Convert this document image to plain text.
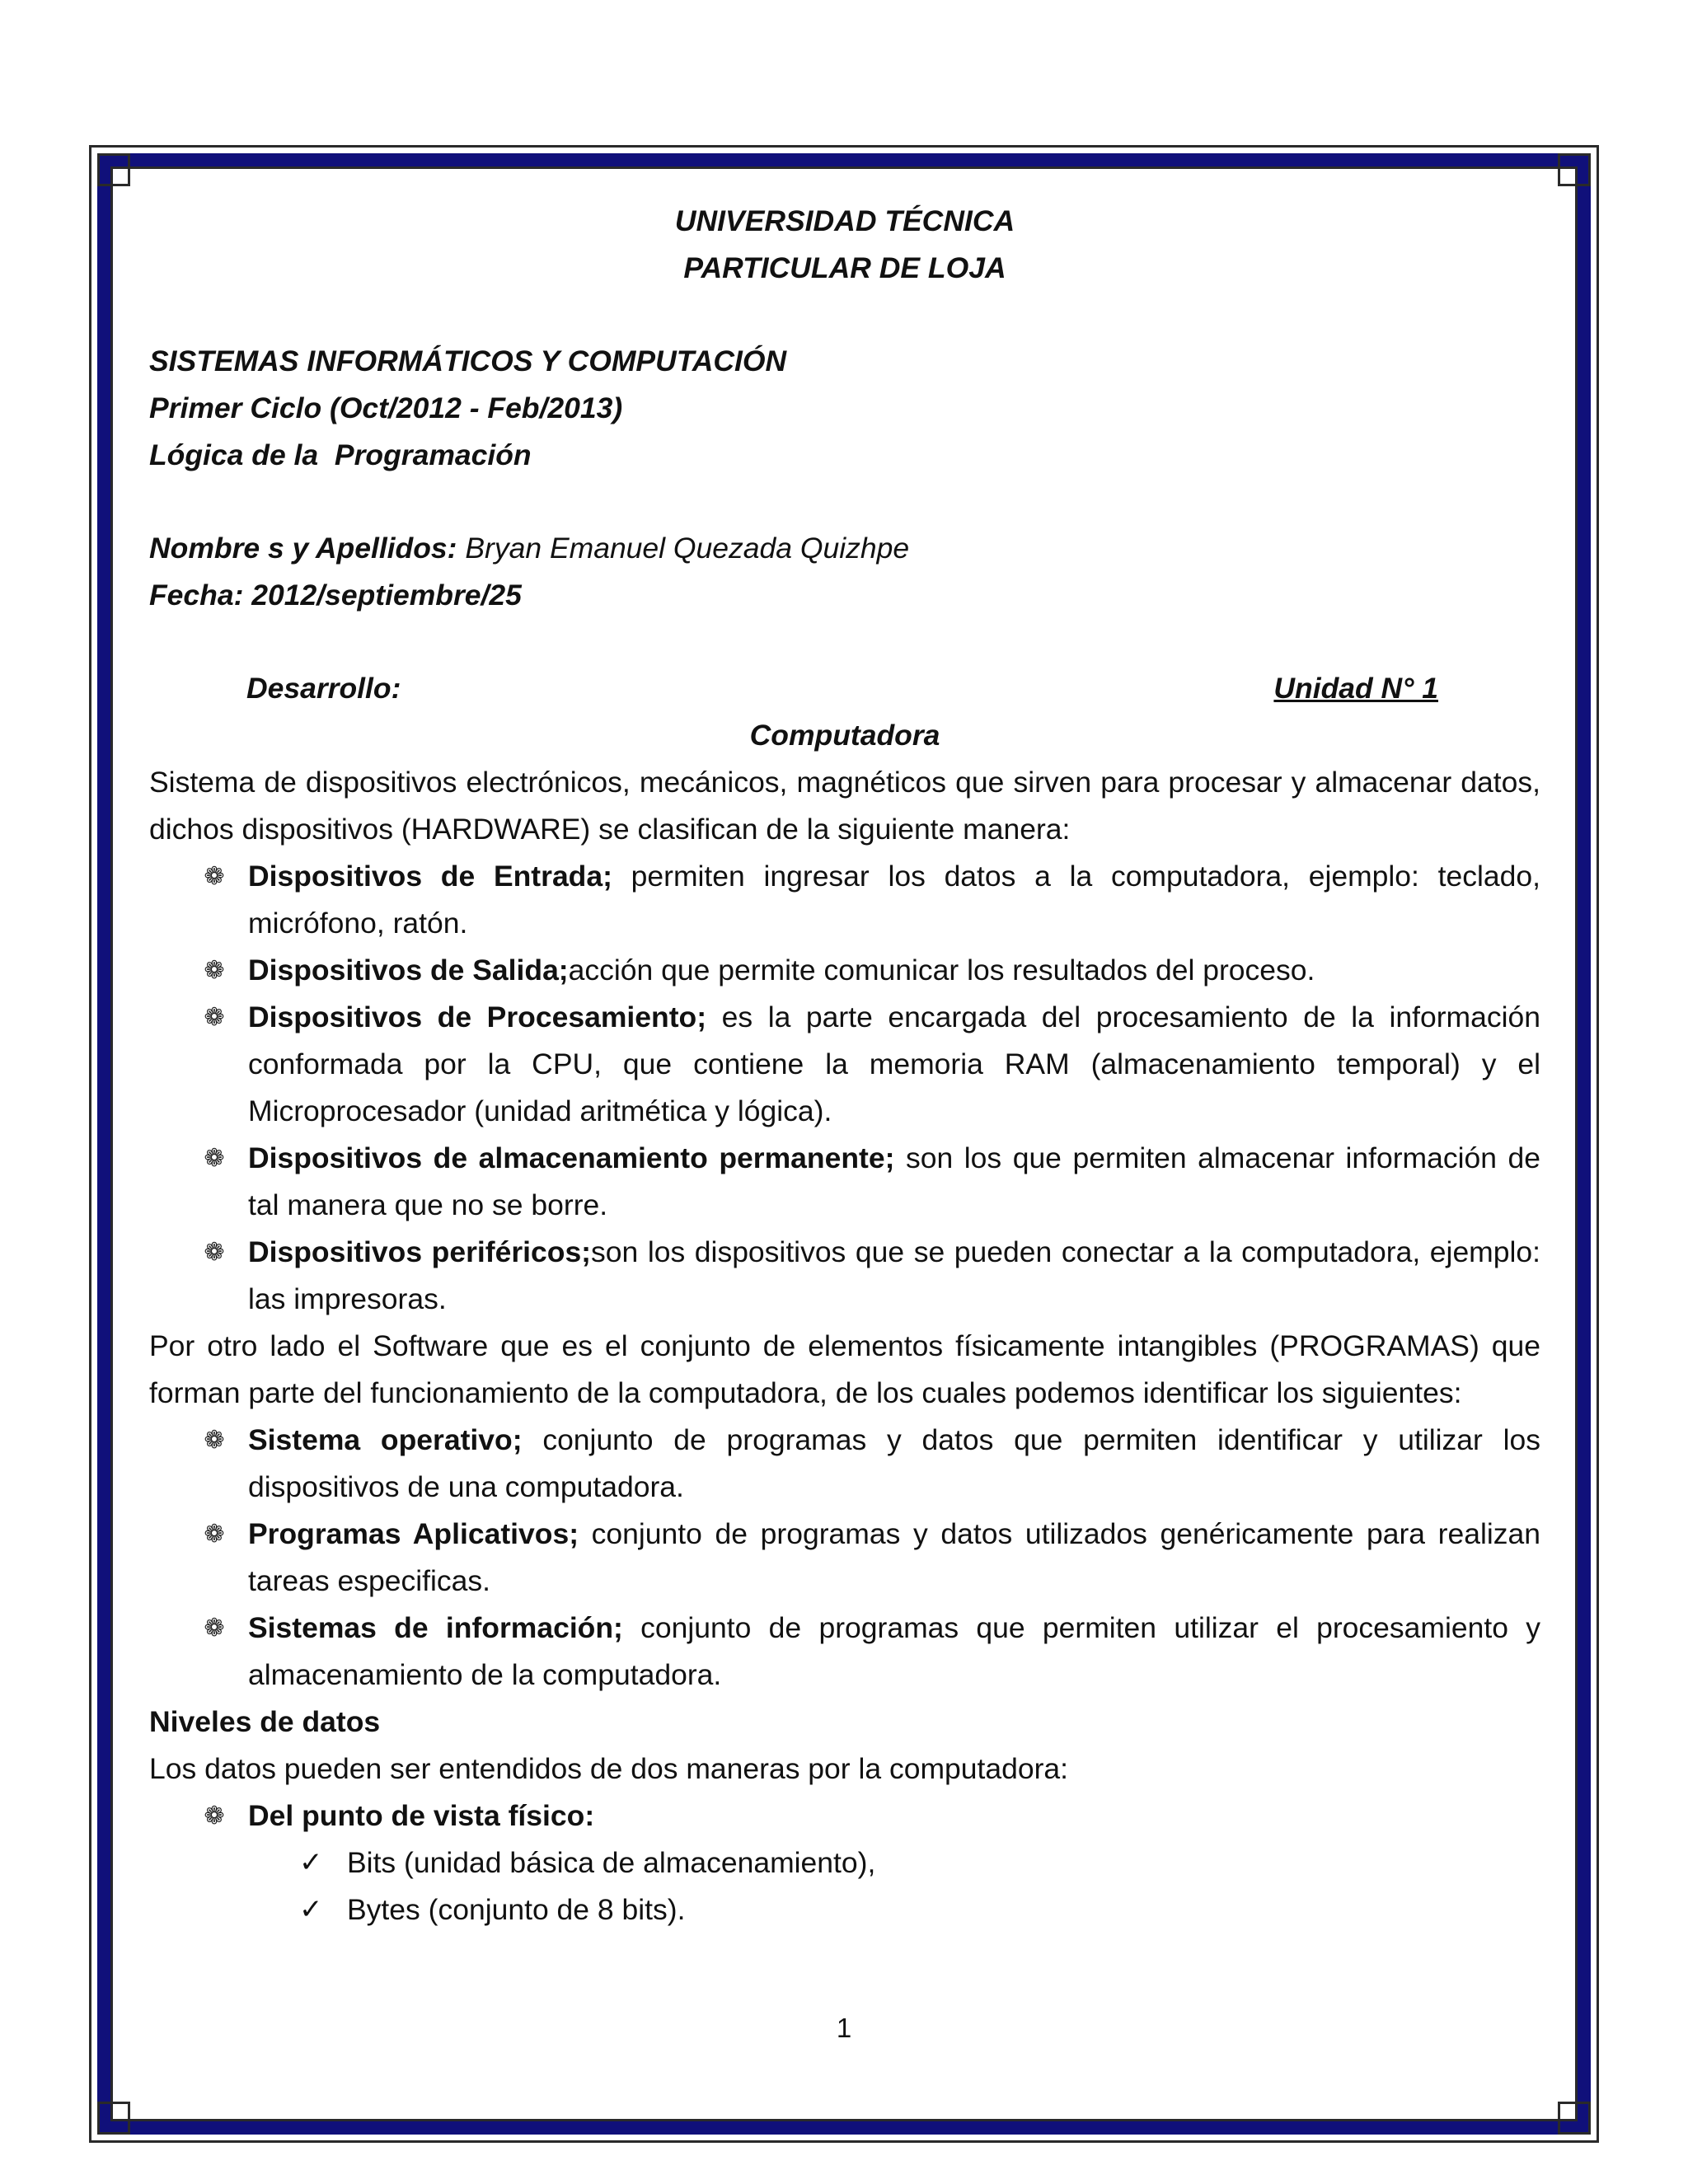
UNIVERSIDAD TÉCNICA

PARTICULAR DE LOJA

SISTEMAS INFORMÁTICOS Y COMPUTACIÓN

Primer Ciclo (Oct/2012 - Feb/2013)

Lógica de la  Programación

Nombre s y Apellidos: Bryan Emanuel Quezada Quizhpe

Fecha: 2012/septiembre/25

Desarrollo:	Unidad N° 1

Computadora

Sistema de dispositivos electrónicos, mecánicos, magnéticos que sirven para procesar y almacenar datos, dichos dispositivos (HARDWARE) se clasifican de la siguiente manera:

❁ Dispositivos de Entrada; permiten ingresar los datos a la computadora, ejemplo: teclado, micrófono, ratón.
❁ Dispositivos de Salida;acción que permite comunicar los resultados del proceso.
❁ Dispositivos de Procesamiento; es la parte encargada del procesamiento de la información conformada por la CPU, que contiene la memoria RAM (almacenamiento temporal) y el Microprocesador (unidad aritmética y lógica).
❁ Dispositivos de almacenamiento permanente; son los que permiten almacenar información de tal manera que no se borre.
❁ Dispositivos periféricos;son los dispositivos que se pueden conectar a la computadora, ejemplo: las impresoras.

Por otro lado el Software que es el conjunto de elementos físicamente intangibles (PROGRAMAS) que forman parte del funcionamiento de la computadora, de los cuales podemos identificar los siguientes:

❁ Sistema operativo; conjunto de programas y datos que permiten identificar y utilizar los dispositivos de una computadora.
❁ Programas Aplicativos; conjunto de programas y datos utilizados genéricamente para realizan tareas especificas.
❁ Sistemas de información; conjunto de programas que permiten utilizar el procesamiento y almacenamiento de la computadora.

Niveles de datos

Los datos pueden ser entendidos de dos maneras por la computadora:

❁ Del punto de vista físico:
✓ Bits (unidad básica de almacenamiento),
✓ Bytes (conjunto de 8 bits).
1
